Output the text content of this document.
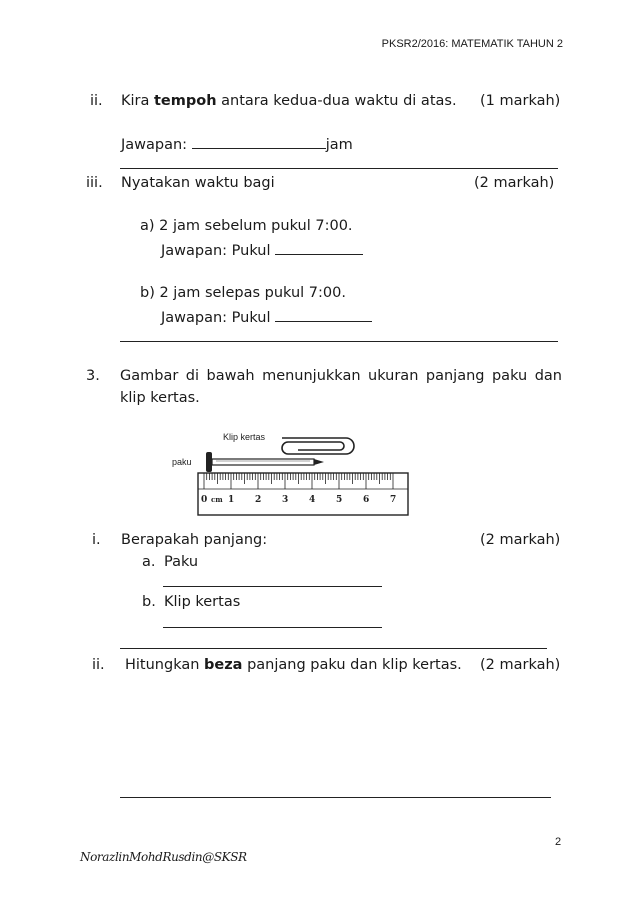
PKSR2/2016: MATEMATIK TAHUN 2
ii. Kira tempoh antara kedua-dua waktu di atas. (1 markah)
Jawapan:	jam
iii. Nyatakan waktu bagi	(2 markah)
a) 2 jam sebelum pukul 7:00.
Jawapan: Pukul
b) 2 jam selepas pukul 7:00.
Jawapan: Pukul
3. Gambar di bawah menunjukkan ukuran panjang paku dan
klip kertas.
Klip kertas
paku
0 1 2 3 4 5 6 7
cm
i. Berapakah panjang:	(2 markah)
a. Paku
b. Klip kertas
ii. Hitungkan beza panjang paku dan klip kertas. (2 markah)
2
NorazlinMohdRusdin@SKSR
